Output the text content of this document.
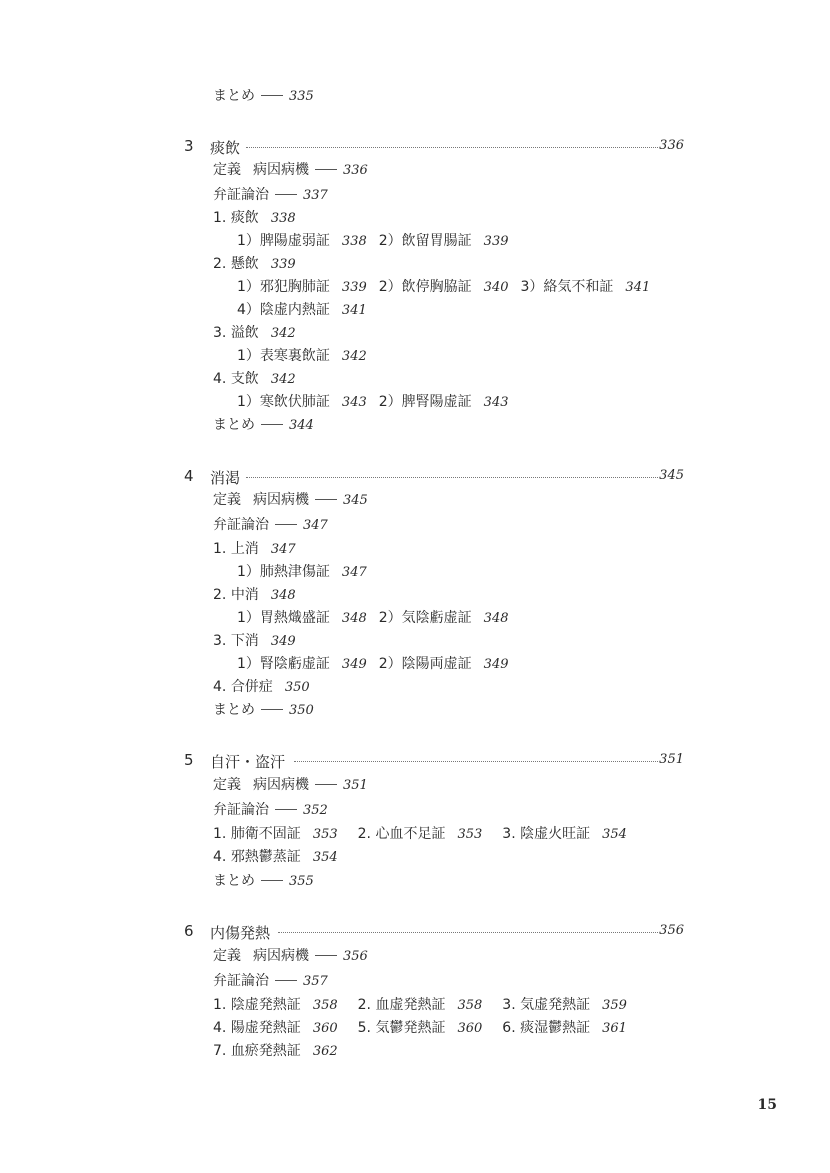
まとめ	335
3 痰飲	336
定義 病因病機	336
弁証論治	337
1. 痰飲 338
1）脾陽虚弱証 338 2）飲留胃腸証 339
2. 懸飲 339
1）邪犯胸肺証 339 2）飲停胸脇証 340 3）絡気不和証 341
4）陰虚内熱証 341
3. 溢飲 342
1）表寒裏飲証 342
4. 支飲 342
1）寒飲伏肺証 343 2）脾腎陽虚証 343
まとめ	344
4 消渇	345
定義 病因病機	345
弁証論治	347
1. 上消 347
1）肺熱津傷証 347
2. 中消 348
1）胃熱熾盛証 348 2）気陰虧虚証 348
3. 下消 349
1）腎陰虧虚証 349 2）陰陽両虚証 349
4. 合併症 350
まとめ	350
5 自汗・盗汗	351
定義 病因病機	351
弁証論治	352
1. 肺衛不固証 353 2. 心血不足証 353 3. 陰虚火旺証 354
4. 邪熱鬱蒸証 354
まとめ	355
6 内傷発熱	356
定義 病因病機	356
弁証論治	357
1. 陰虚発熱証 358 2. 血虚発熱証 358 3. 気虚発熱証 359
4. 陽虚発熱証 360 5. 気鬱発熱証 360 6. 痰湿鬱熱証 361
7. 血瘀発熱証 362
15
